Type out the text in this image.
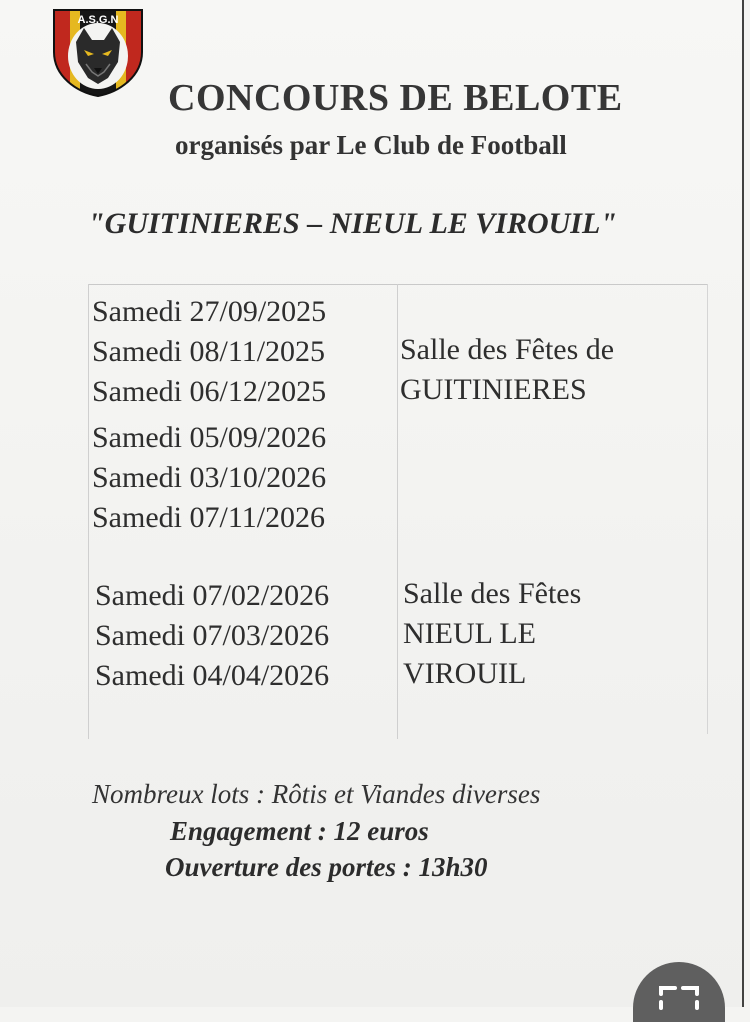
A.S.G.N
CONCOURS DE BELOTE
organisés par Le Club de Football
"GUITINIERES – NIEUL LE VIROUIL"
Samedi 27/09/2025
Samedi 08/11/2025
Samedi 06/12/2025
Samedi 05/09/2026
Samedi 03/10/2026
Samedi 07/11/2026
Samedi 07/02/2026
Samedi 07/03/2026
Samedi 04/04/2026
Salle des Fêtes de
GUITINIERES
Salle des Fêtes
NIEUL LE
VIROUIL
Nombreux lots : Rôtis et Viandes diverses
Engagement : 12 euros
Ouverture des portes : 13h30
